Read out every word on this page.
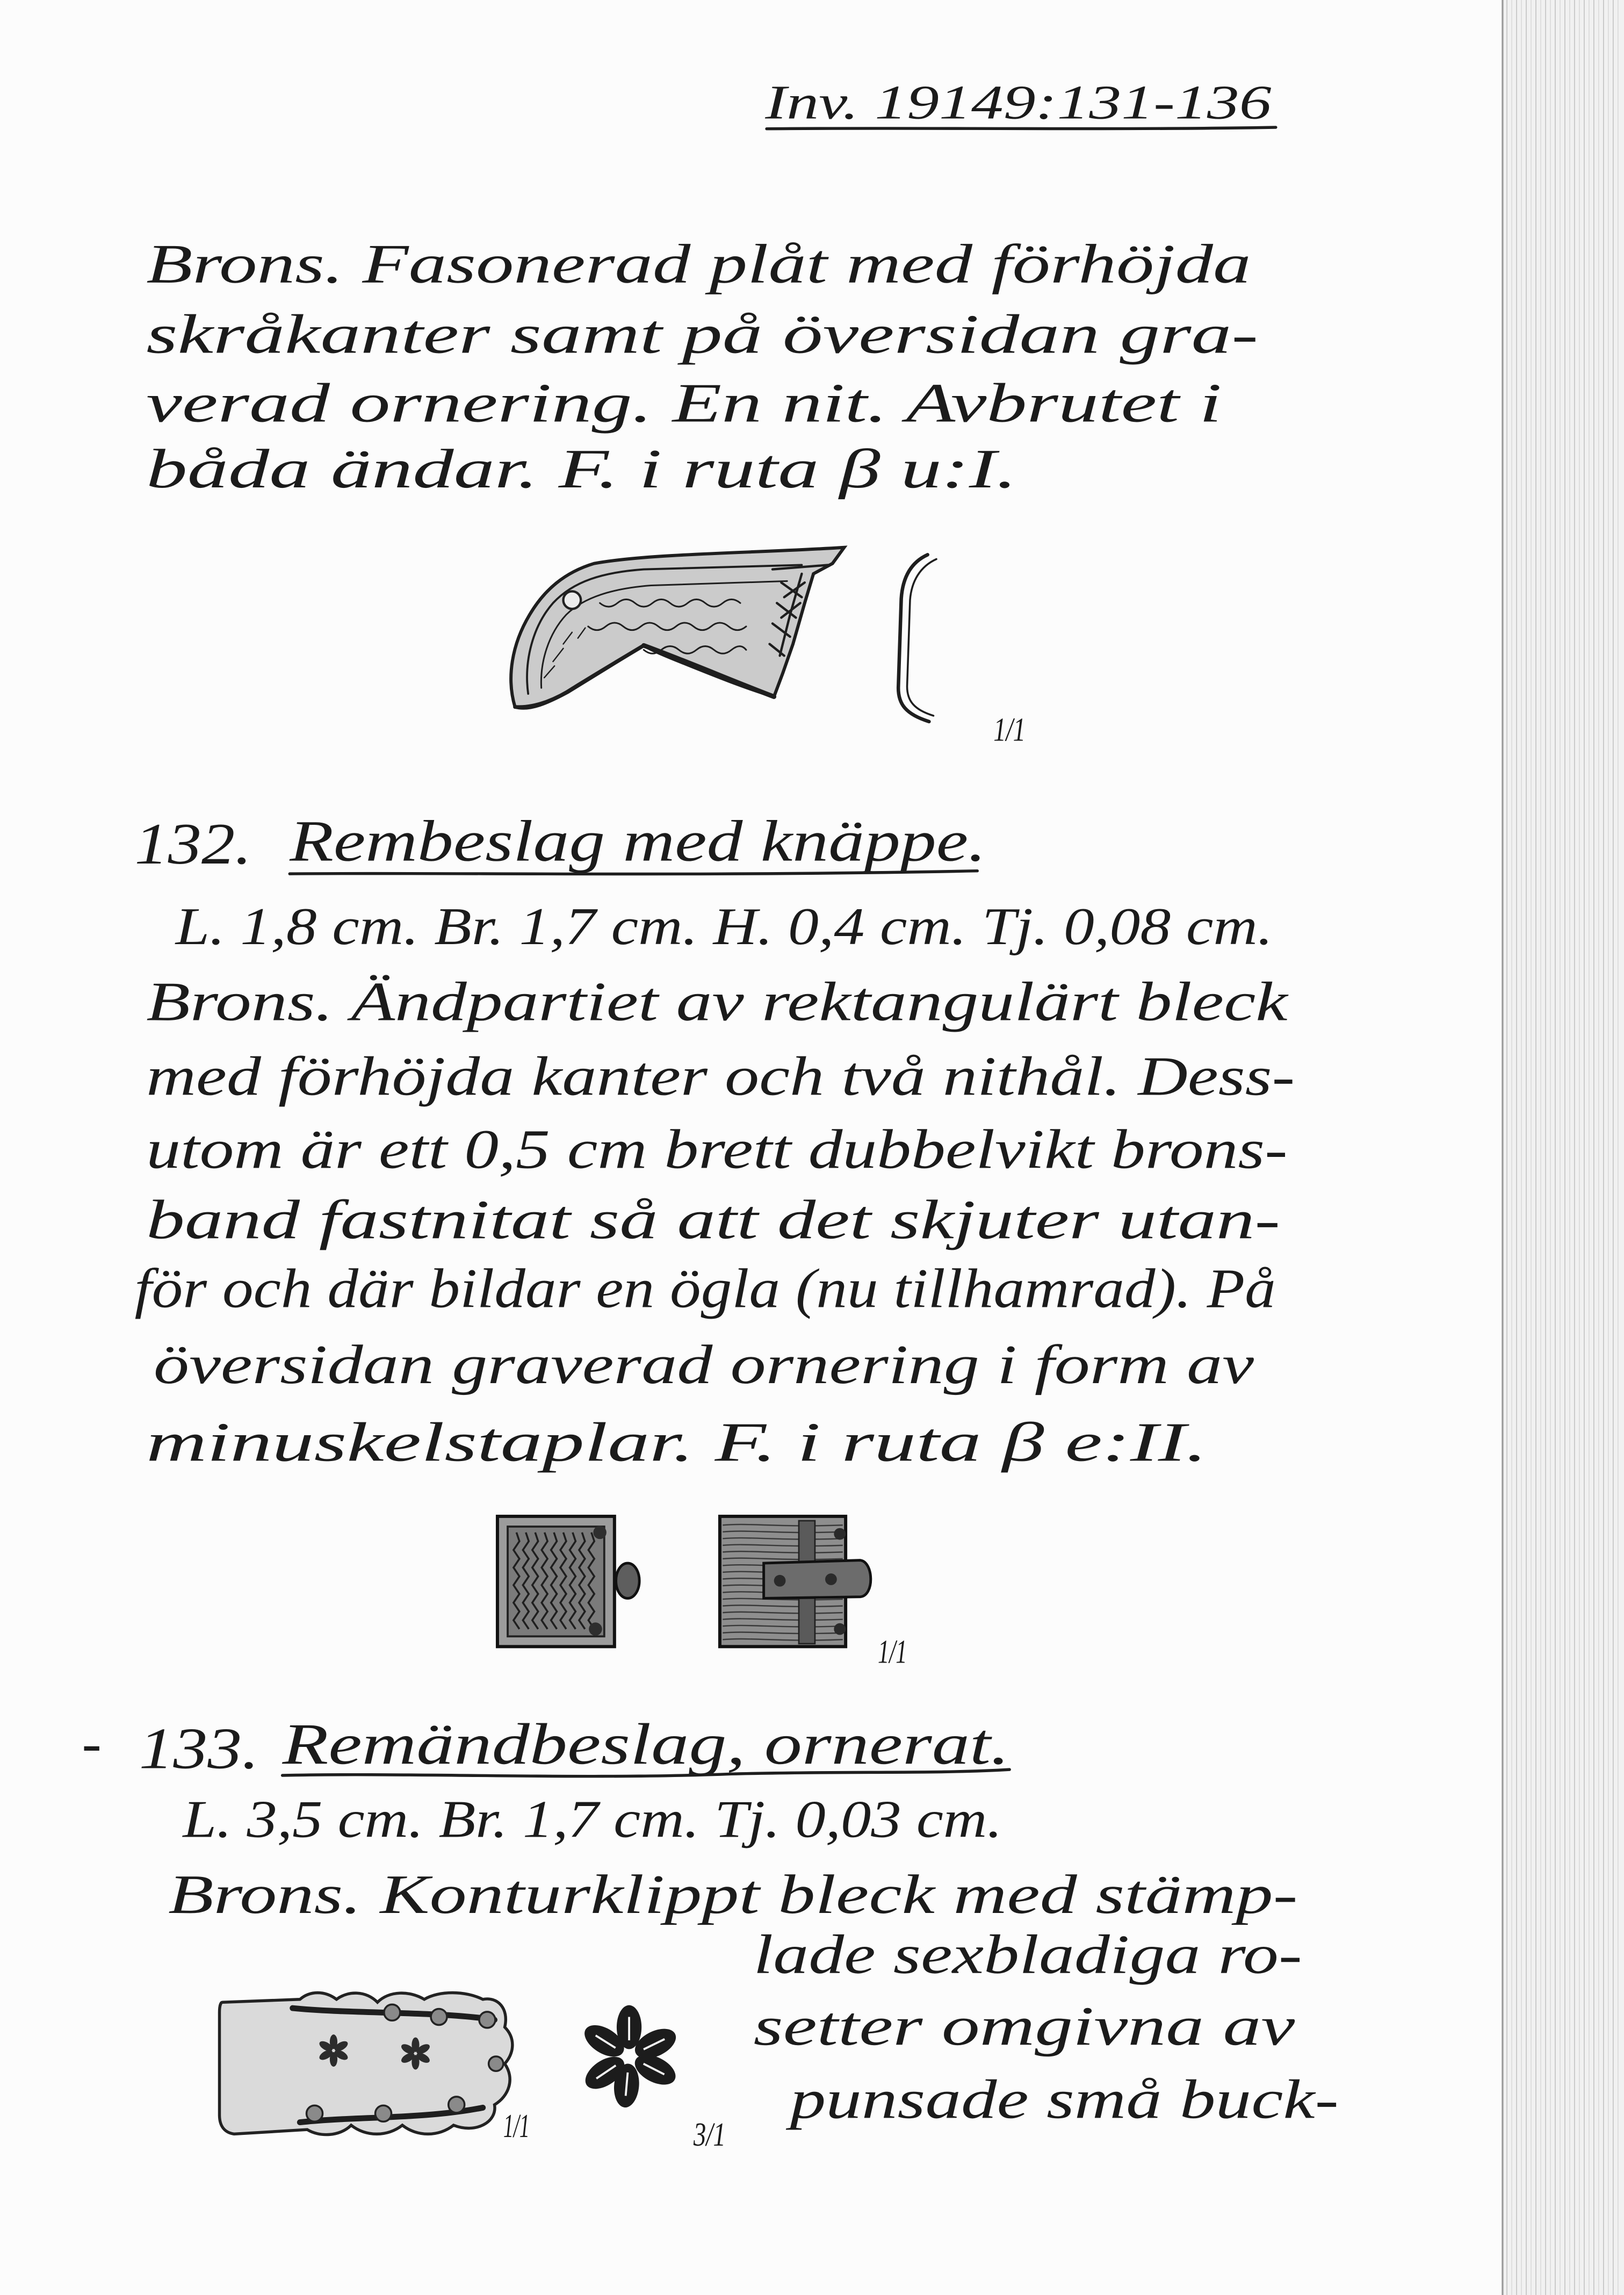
Inv. 19149:131-136
Brons. Fasonerad plåt med förhöjda
skråkanter samt på översidan gra-
verad ornering. En nit. Avbrutet i
båda ändar. F. i ruta β u:I.
1/1
132. Rembeslag med knäppe.
L. 1,8 cm. Br. 1,7 cm. H. 0,4 cm. Tj. 0,08 cm.
Brons. Ändpartiet av rektangulärt bleck
med förhöjda kanter och två nithål. Dess-
utom är ett 0,5 cm brett dubbelvikt brons-
band fastnitat så att det skjuter utan-
för och där bildar en ögla (nu tillhamrad). På
översidan graverad ornering i form av
minuskelstaplar. F. i ruta β e:II.
1/1
- 133. Remändbeslag, ornerat.
L. 3,5 cm. Br. 1,7 cm. Tj. 0,03 cm.
Brons. Konturklippt bleck med stämp-
lade sexbladiga ro-
setter omgivna av
punsade små buck-
1/1	3/1
